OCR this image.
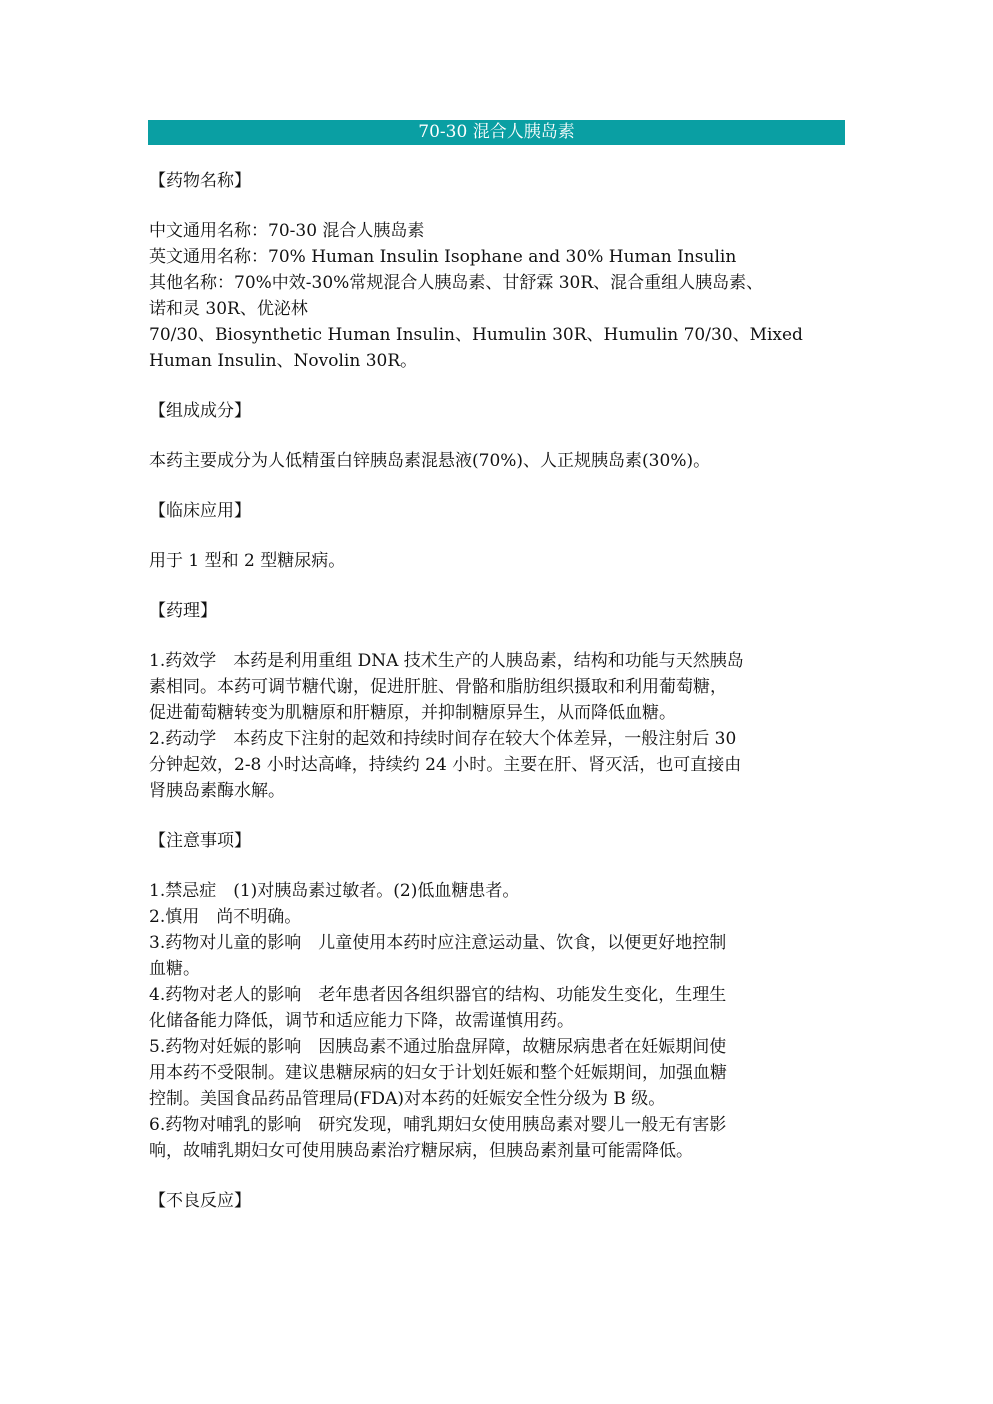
70-30 混合人胰岛素
【药物名称】
中文通用名称：70-30 混合人胰岛素
英文通用名称：70% Human Insulin Isophane and 30% Human Insulin
其他名称：70%中效-30%常规混合人胰岛素、甘舒霖 30R、混合重组人胰岛素、
诺和灵 30R、优泌林
70/30、Biosynthetic Human Insulin、Humulin 30R、Humulin 70/30、Mixed
Human Insulin、Novolin 30R。
【组成成分】
本药主要成分为人低精蛋白锌胰岛素混悬液(70%)、人正规胰岛素(30%)。
【临床应用】
用于 1 型和 2 型糖尿病。
【药理】
1.药效学　本药是利用重组 DNA 技术生产的人胰岛素，结构和功能与天然胰岛
素相同。本药可调节糖代谢，促进肝脏、骨骼和脂肪组织摄取和利用葡萄糖，
促进葡萄糖转变为肌糖原和肝糖原，并抑制糖原异生，从而降低血糖。
2.药动学　本药皮下注射的起效和持续时间存在较大个体差异，一般注射后 30
分钟起效，2-8 小时达高峰，持续约 24 小时。主要在肝、肾灭活，也可直接由
肾胰岛素酶水解。
【注意事项】
1.禁忌症　(1)对胰岛素过敏者。(2)低血糖患者。
2.慎用　尚不明确。
3.药物对儿童的影响　儿童使用本药时应注意运动量、饮食，以便更好地控制
血糖。
4.药物对老人的影响　老年患者因各组织器官的结构、功能发生变化，生理生
化储备能力降低，调节和适应能力下降，故需谨慎用药。
5.药物对妊娠的影响　因胰岛素不通过胎盘屏障，故糖尿病患者在妊娠期间使
用本药不受限制。建议患糖尿病的妇女于计划妊娠和整个妊娠期间，加强血糖
控制。美国食品药品管理局(FDA)对本药的妊娠安全性分级为 B 级。
6.药物对哺乳的影响　研究发现，哺乳期妇女使用胰岛素对婴儿一般无有害影
响，故哺乳期妇女可使用胰岛素治疗糖尿病，但胰岛素剂量可能需降低。
【不良反应】
